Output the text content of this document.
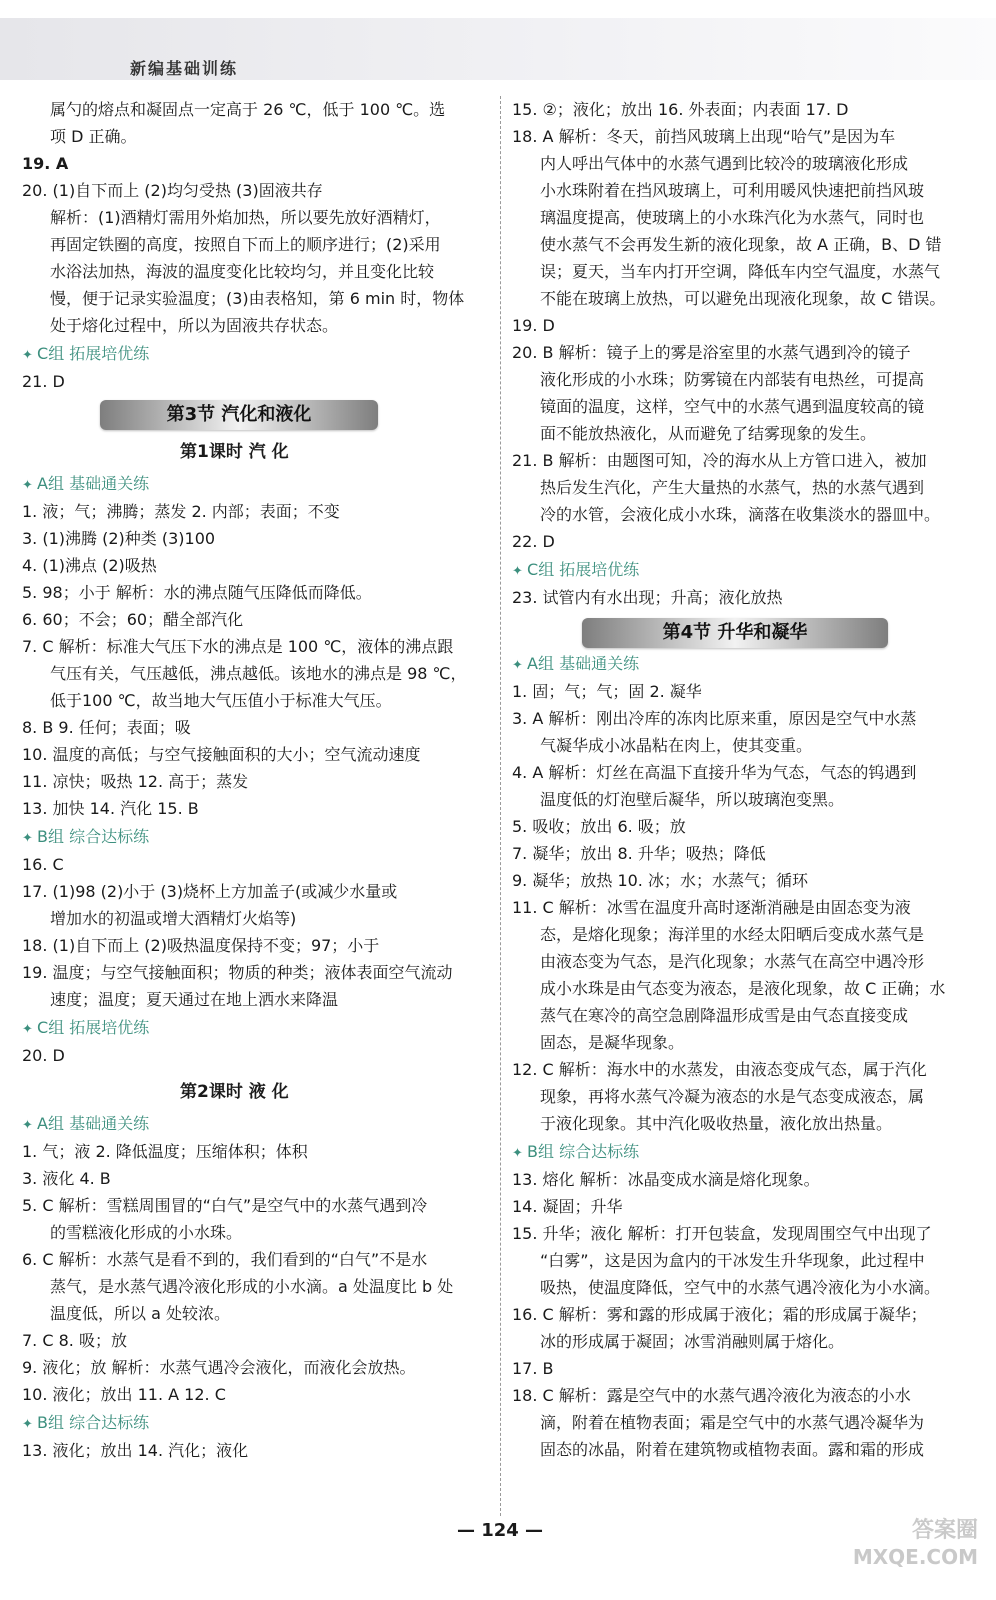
新编基础训练
属勺的熔点和凝固点一定高于 26 ℃，低于 100 ℃。选
项 D 正确。
19. A
20. (1)自下而上 (2)均匀受热 (3)固液共存
解析：(1)酒精灯需用外焰加热，所以要先放好酒精灯，
再固定铁圈的高度，按照自下而上的顺序进行；(2)采用
水浴法加热，海波的温度变化比较均匀，并且变化比较
慢，便于记录实验温度；(3)由表格知，第 6 min 时，物体
处于熔化过程中，所以为固液共存状态。
✦ C组 拓展培优练
21. D
第3节 汽化和液化
第1课时 汽 化
✦ A组 基础通关练
1. 液；气；沸腾；蒸发 2. 内部；表面；不变
3. (1)沸腾 (2)种类 (3)100
4. (1)沸点 (2)吸热
5. 98；小于 解析：水的沸点随气压降低而降低。
6. 60；不会；60；醋全部汽化
7. C 解析：标准大气压下水的沸点是 100 ℃，液体的沸点跟
气压有关，气压越低，沸点越低。该地水的沸点是 98 ℃，
低于100 ℃，故当地大气压值小于标准大气压。
8. B 9. 任何；表面；吸
10. 温度的高低；与空气接触面积的大小；空气流动速度
11. 凉快；吸热 12. 高于；蒸发
13. 加快 14. 汽化 15. B
✦ B组 综合达标练
16. C
17. (1)98 (2)小于 (3)烧杯上方加盖子(或减少水量或
增加水的初温或增大酒精灯火焰等)
18. (1)自下而上 (2)吸热温度保持不变；97；小于
19. 温度；与空气接触面积；物质的种类；液体表面空气流动
速度；温度；夏天通过在地上洒水来降温
✦ C组 拓展培优练
20. D
第2课时 液 化
✦ A组 基础通关练
1. 气；液 2. 降低温度；压缩体积；体积
3. 液化 4. B
5. C 解析：雪糕周围冒的“白气”是空气中的水蒸气遇到冷
的雪糕液化形成的小水珠。
6. C 解析：水蒸气是看不到的，我们看到的“白气”不是水
蒸气，是水蒸气遇冷液化形成的小水滴。a 处温度比 b 处
温度低，所以 a 处较浓。
7. C 8. 吸；放
9. 液化；放 解析：水蒸气遇冷会液化，而液化会放热。
10. 液化；放出 11. A 12. C
✦ B组 综合达标练
13. 液化；放出 14. 汽化；液化
15. ②；液化；放出 16. 外表面；内表面 17. D
18. A 解析：冬天，前挡风玻璃上出现“哈气”是因为车
内人呼出气体中的水蒸气遇到比较冷的玻璃液化形成
小水珠附着在挡风玻璃上，可利用暖风快速把前挡风玻
璃温度提高，使玻璃上的小水珠汽化为水蒸气，同时也
使水蒸气不会再发生新的液化现象，故 A 正确，B、D 错
误；夏天，当车内打开空调，降低车内空气温度，水蒸气
不能在玻璃上放热，可以避免出现液化现象，故 C 错误。
19. D
20. B 解析：镜子上的雾是浴室里的水蒸气遇到冷的镜子
液化形成的小水珠；防雾镜在内部装有电热丝，可提高
镜面的温度，这样，空气中的水蒸气遇到温度较高的镜
面不能放热液化，从而避免了结雾现象的发生。
21. B 解析：由题图可知，冷的海水从上方管口进入，被加
热后发生汽化，产生大量热的水蒸气，热的水蒸气遇到
冷的水管，会液化成小水珠，滴落在收集淡水的器皿中。
22. D
✦ C组 拓展培优练
23. 试管内有水出现；升高；液化放热
第4节 升华和凝华
✦ A组 基础通关练
1. 固；气；气；固 2. 凝华
3. A 解析：刚出冷库的冻肉比原来重，原因是空气中水蒸
气凝华成小冰晶粘在肉上，使其变重。
4. A 解析：灯丝在高温下直接升华为气态，气态的钨遇到
温度低的灯泡壁后凝华，所以玻璃泡变黑。
5. 吸收；放出 6. 吸；放
7. 凝华；放出 8. 升华；吸热；降低
9. 凝华；放热 10. 冰；水；水蒸气；循环
11. C 解析：冰雪在温度升高时逐渐消融是由固态变为液
态，是熔化现象；海洋里的水经太阳晒后变成水蒸气是
由液态变为气态，是汽化现象；水蒸气在高空中遇冷形
成小水珠是由气态变为液态，是液化现象，故 C 正确；水
蒸气在寒冷的高空急剧降温形成雪是由气态直接变成
固态，是凝华现象。
12. C 解析：海水中的水蒸发，由液态变成气态，属于汽化
现象，再将水蒸气冷凝为液态的水是气态变成液态，属
于液化现象。其中汽化吸收热量，液化放出热量。
✦ B组 综合达标练
13. 熔化 解析：冰晶变成水滴是熔化现象。
14. 凝固；升华
15. 升华；液化 解析：打开包装盒，发现周围空气中出现了
“白雾”，这是因为盒内的干冰发生升华现象，此过程中
吸热，使温度降低，空气中的水蒸气遇冷液化为小水滴。
16. C 解析：雾和露的形成属于液化；霜的形成属于凝华；
冰的形成属于凝固；冰雪消融则属于熔化。
17. B
18. C 解析：露是空气中的水蒸气遇冷液化为液态的小水
滴，附着在植物表面；霜是空气中的水蒸气遇冷凝华为
固态的冰晶，附着在建筑物或植物表面。露和霜的形成
— 124 —	答案圈
MXQE.COM
